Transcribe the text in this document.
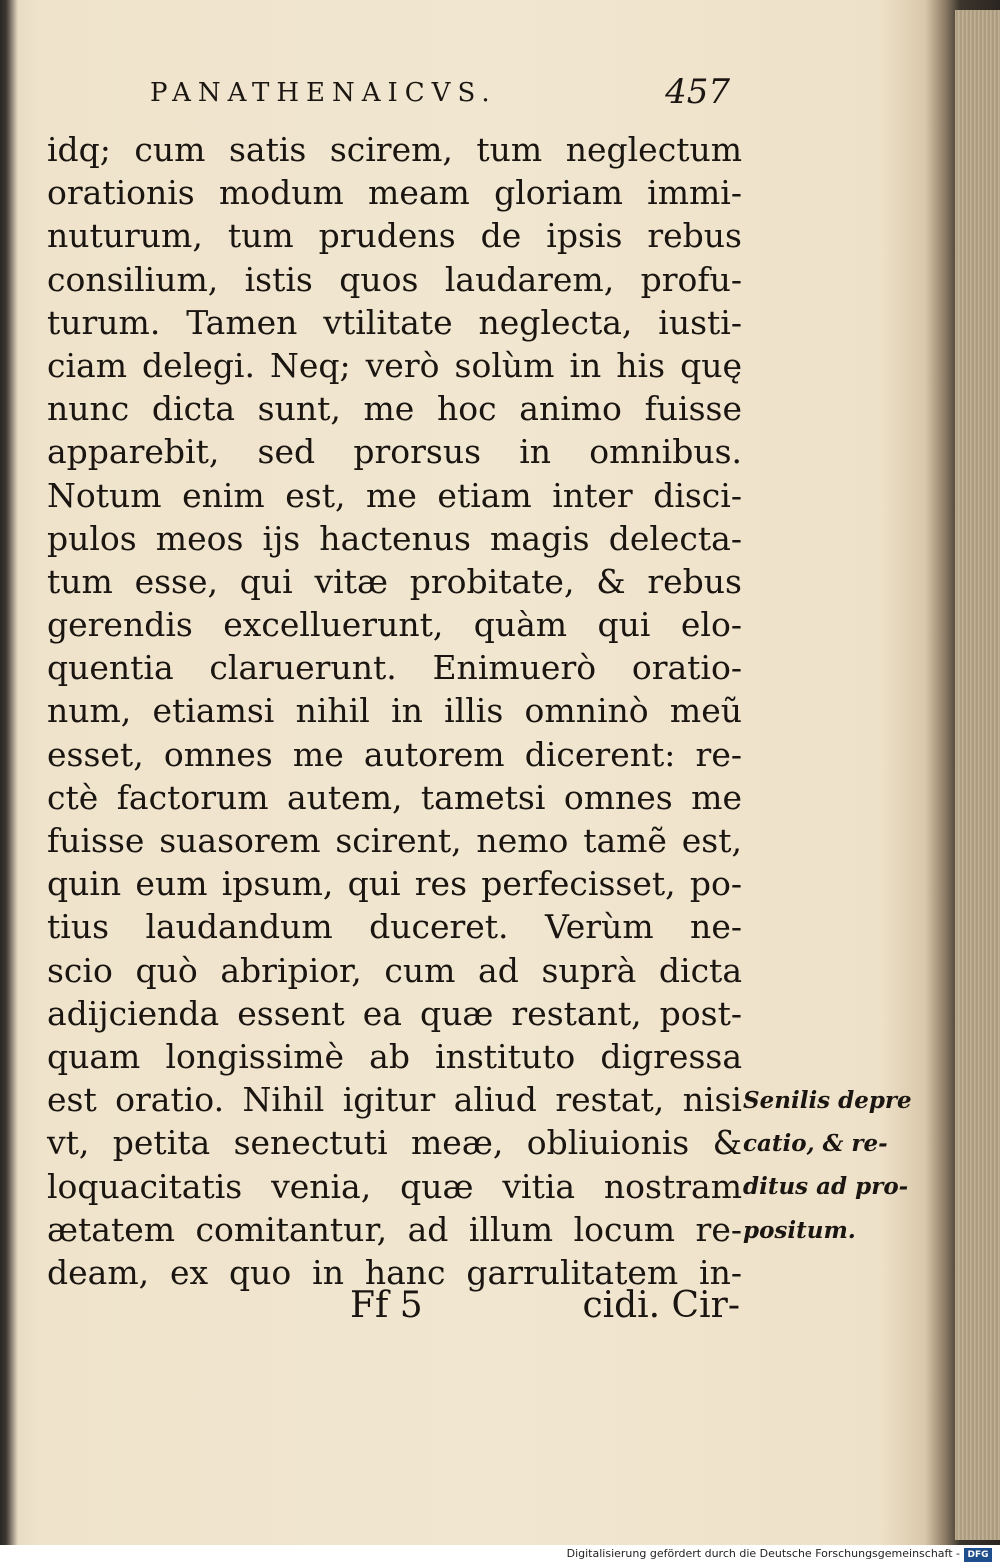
PANATHENAICVS.	457
idq; cum satis scirem, tum neglectum
orationis modum meam gloriam immi-
nuturum, tum prudens de ipsis rebus
consilium, istis quos laudarem, profu-
turum. Tamen vtilitate neglecta, iusti-
ciam delegi. Neq; verò solùm in his quę
nunc dicta sunt, me hoc animo fuisse
apparebit, sed prorsus in omnibus.
Notum enim est, me etiam inter disci-
pulos meos ijs hactenus magis delecta-
tum esse, qui vitæ probitate, & rebus
gerendis excelluerunt, quàm qui elo-
quentia claruerunt. Enimuerò oratio-
num, etiamsi nihil in illis omninò meũ
esset, omnes me autorem dicerent: re-
ctè factorum autem, tametsi omnes me
fuisse suasorem scirent, nemo tamẽ est,
quin eum ipsum, qui res perfecisset, po-
tius laudandum duceret. Verùm ne-
scio quò abripior, cum ad suprà dicta
adijcienda essent ea quæ restant, post-
quam longissimè ab instituto digressa
est oratio. Nihil igitur aliud restat, nisi
vt, petita senectuti meæ, obliuionis &
loquacitatis venia, quæ vitia nostram
ætatem comitantur, ad illum locum re-
deam, ex quo in hanc garrulitatem in-
Senilis depre
catio, & re-
ditus ad pro-
positum.
Ff 5	cidi. Cir-
Digitalisierung gefördert durch die Deutsche Forschungsgemeinschaft - DFG
